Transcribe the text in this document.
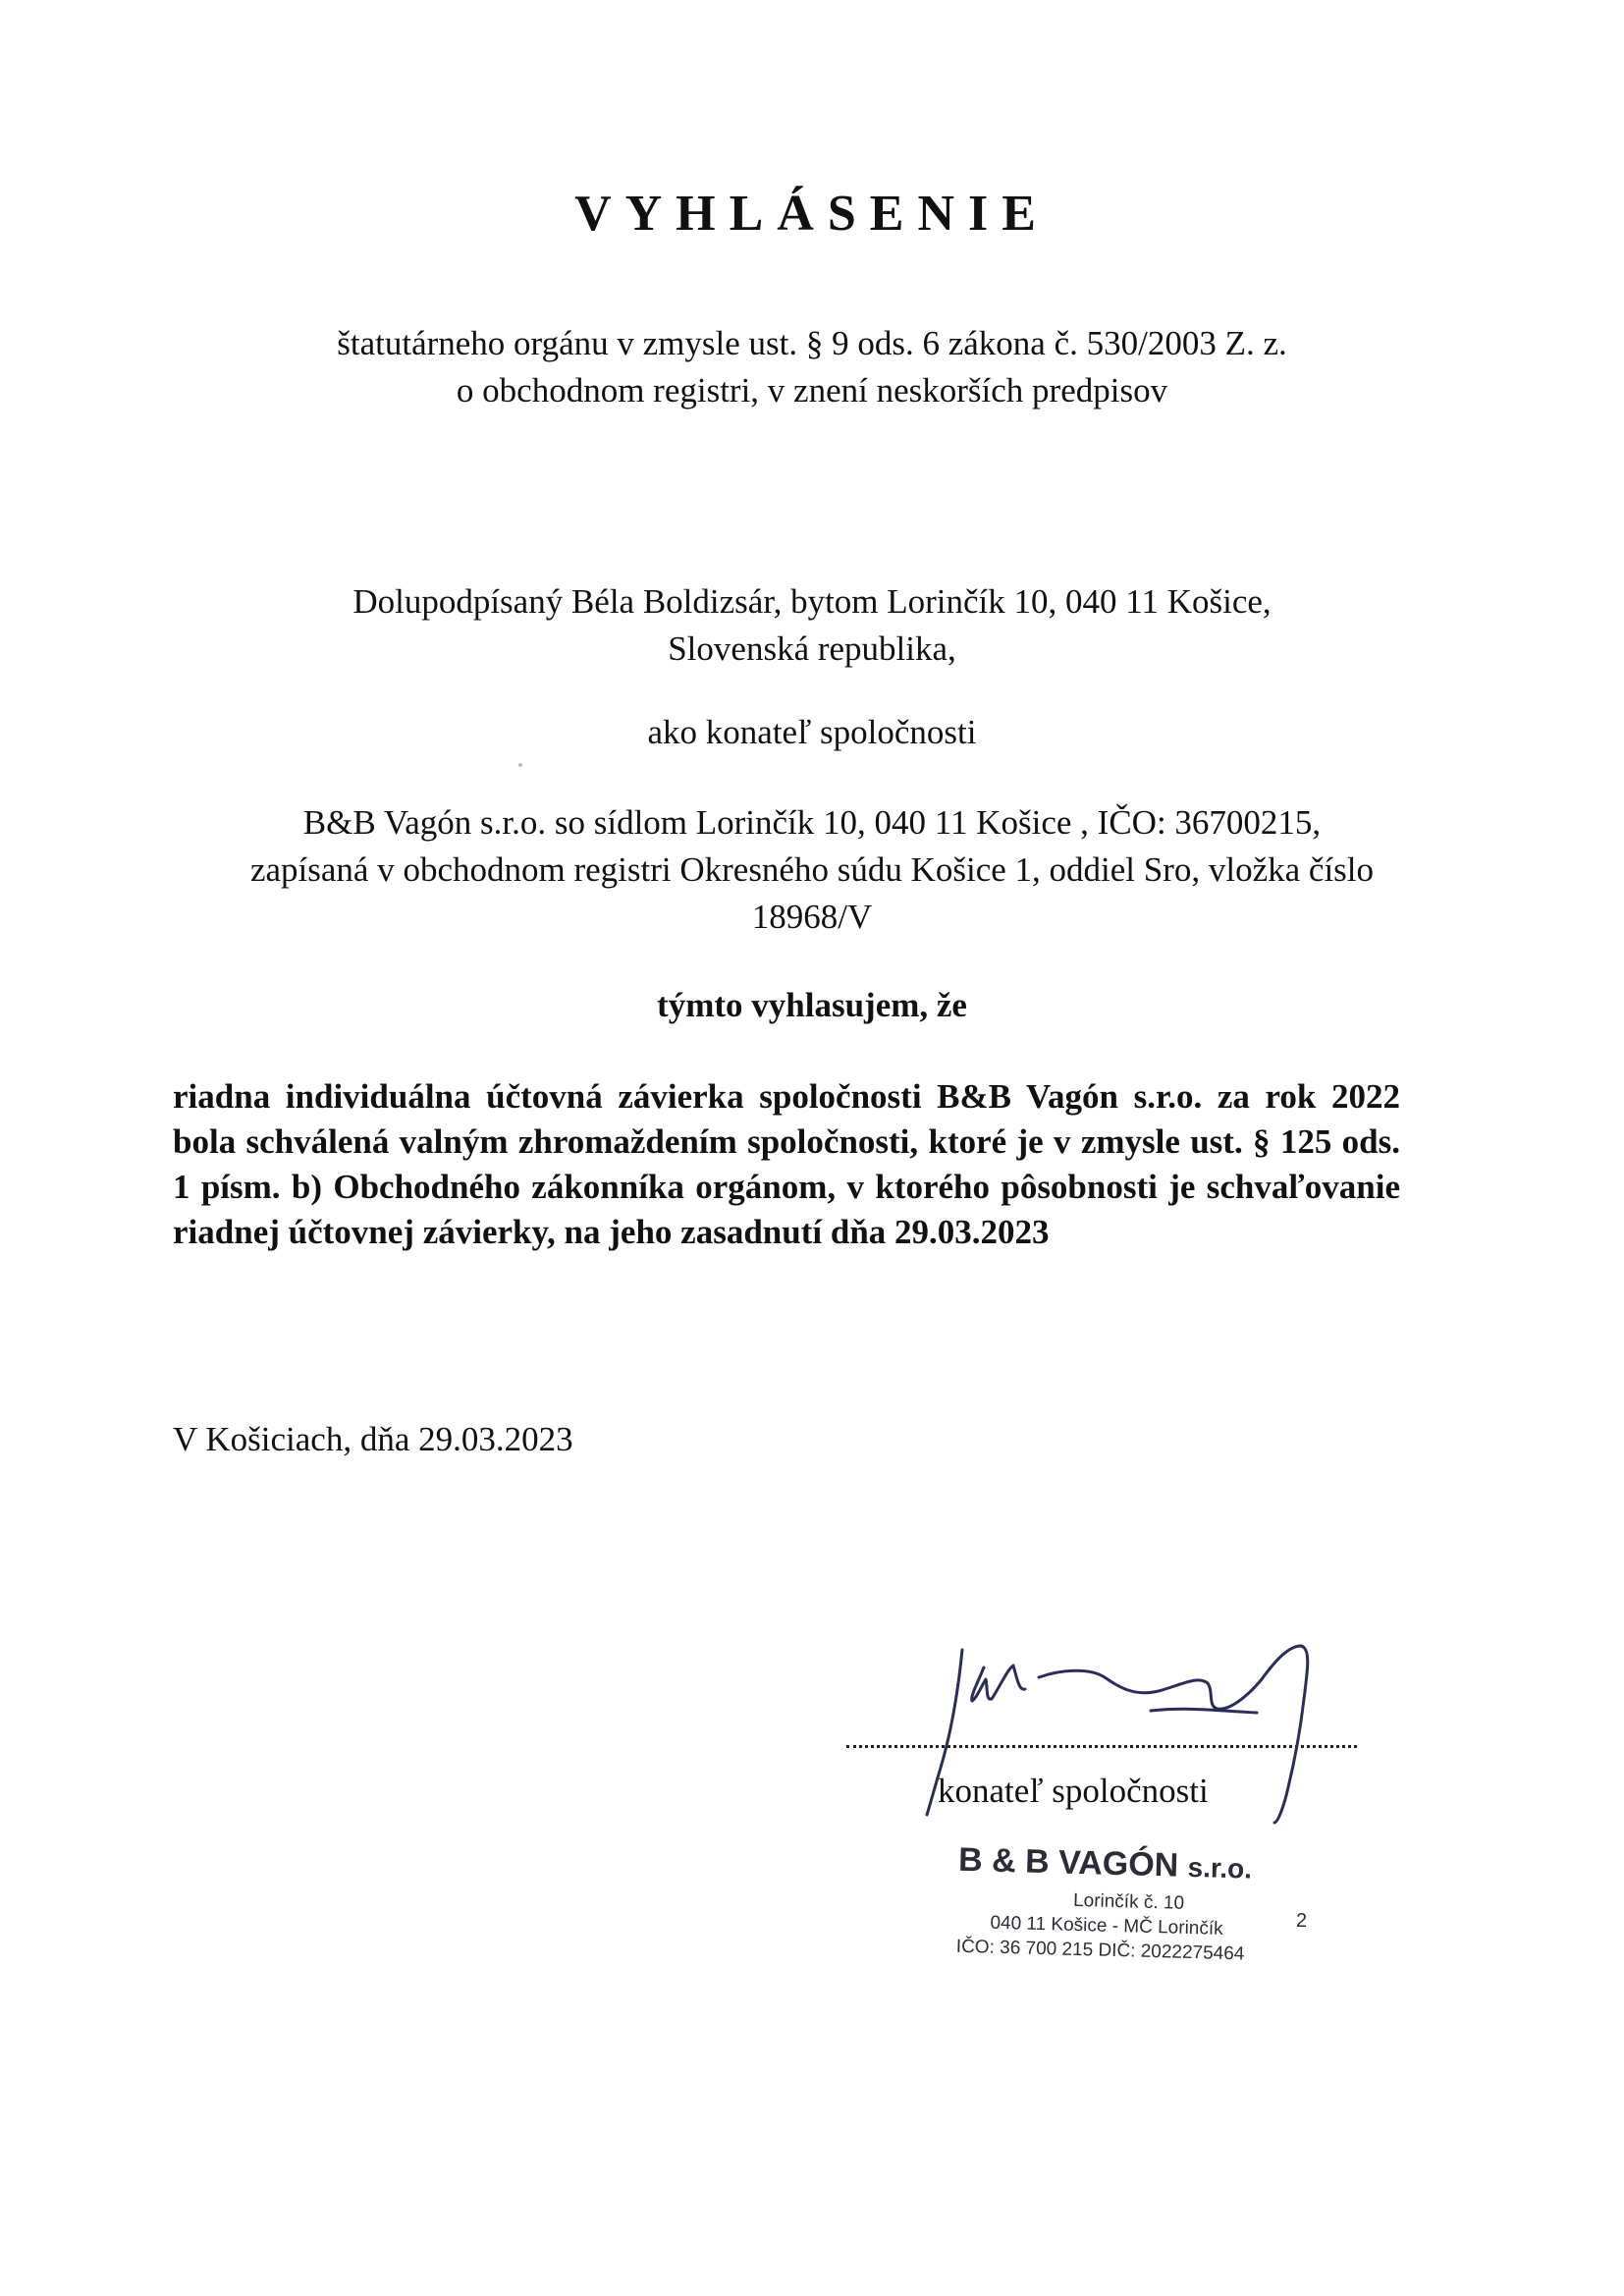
VYHLÁSENIE
štatutárneho orgánu v zmysle ust. § 9 ods. 6 zákona č. 530/2003 Z. z.
o obchodnom registri, v znení neskorších predpisov
Dolupodpísaný Béla Boldizsár, bytom Lorinčík 10, 040 11 Košice,
Slovenská republika,
ako konateľ spoločnosti
B&B Vagón s.r.o. so sídlom Lorinčík 10, 040 11 Košice , IČO: 36700215,
zapísaná v obchodnom registri Okresného súdu Košice 1, oddiel Sro, vložka číslo
18968/V
týmto vyhlasujem, že
riadna individuálna účtovná závierka spoločnosti B&B Vagón s.r.o. za rok 2022 bola schválená valným zhromaždením spoločnosti, ktoré je v zmysle ust. § 125 ods. 1 písm. b) Obchodného zákonníka orgánom, v ktorého pôsobnosti je schvaľovanie riadnej účtovnej závierky, na jeho zasadnutí dňa 29.03.2023
V Košiciach, dňa 29.03.2023
konateľ spoločnosti
B & B VAGÓN s.r.o.
Lorinčík č. 10
040 11 Košice - MČ Lorinčík
IČO: 36 700 215 DIČ: 2022275464
2
